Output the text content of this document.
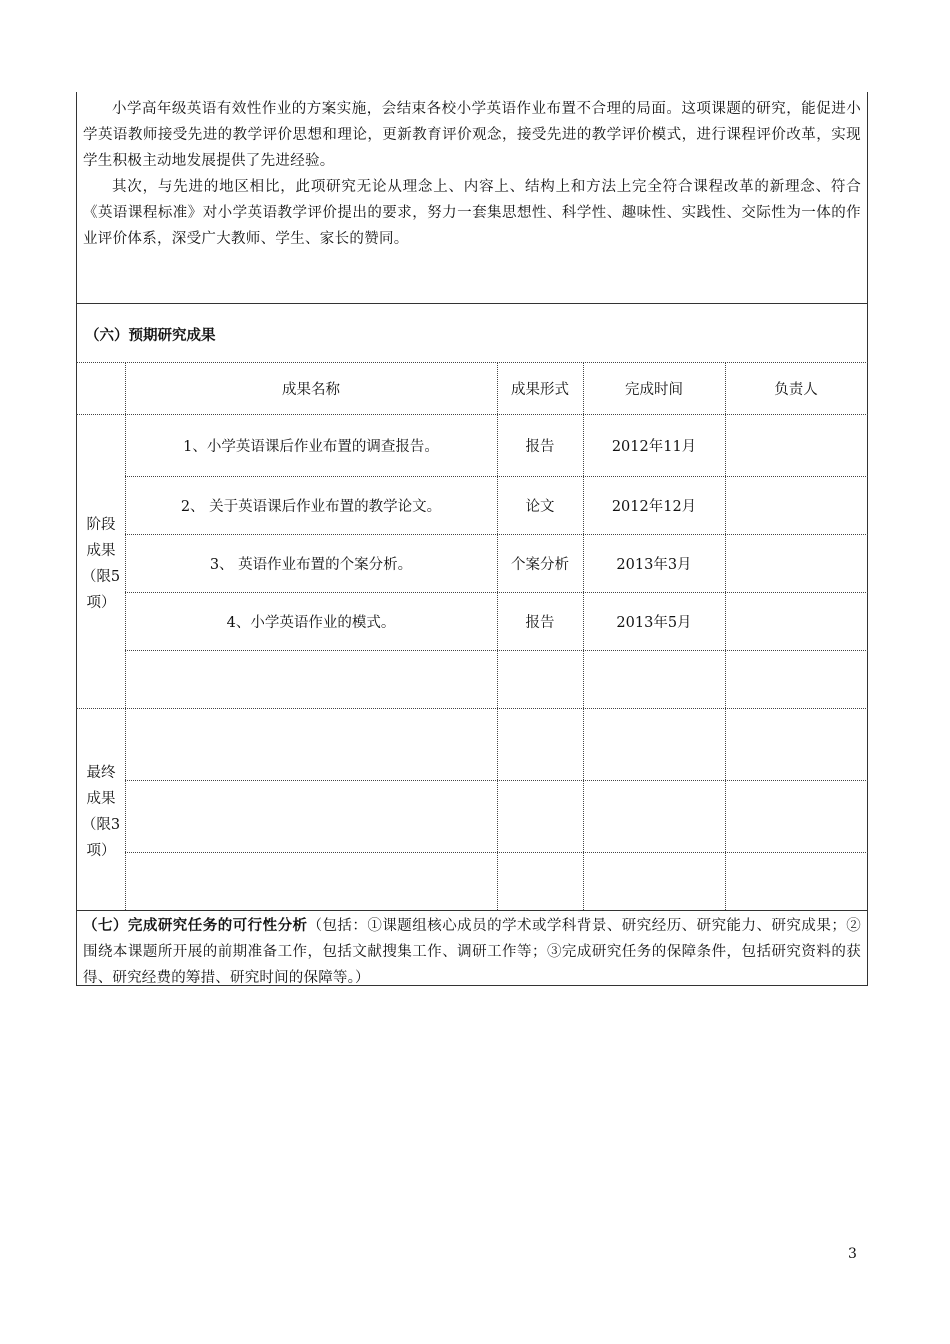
小学高年级英语有效性作业的方案实施，会结束各校小学英语作业布置不合理的局面。这项课题的研究，能促进小学英语教师接受先进的教学评价思想和理论，更新教育评价观念，接受先进的教学评价模式，进行课程评价改革，实现学生积极主动地发展提供了先进经验。

其次，与先进的地区相比，此项研究无论从理念上、内容上、结构上和方法上完全符合课程改革的新理念、符合《英语课程标准》对小学英语教学评价提出的要求，努力一套集思想性、科学性、趣味性、实践性、交际性为一体的作业评价体系，深受广大教师、学生、家长的赞同。

（六）预期研究成果
成果名称	成果形式	完成时间	负责人
阶段
成果
（限5
项）
1、小学英语课后作业布置的调查报告。	报告	2012年11月
2、 关于英语课后作业布置的教学论文。	论文	2012年12月
3、 英语作业布置的个案分析。	个案分析	2013年3月
4、小学英语作业的模式。	报告	2013年5月
最终
成果
（限3
项）

（七）完成研究任务的可行性分析（包括：①课题组核心成员的学术或学科背景、研究经历、研究能力、研究成果；②围绕本课题所开展的前期准备工作，包括文献搜集工作、调研工作等；③完成研究任务的保障条件，包括研究资料的获得、研究经费的筹措、研究时间的保障等。）

3
